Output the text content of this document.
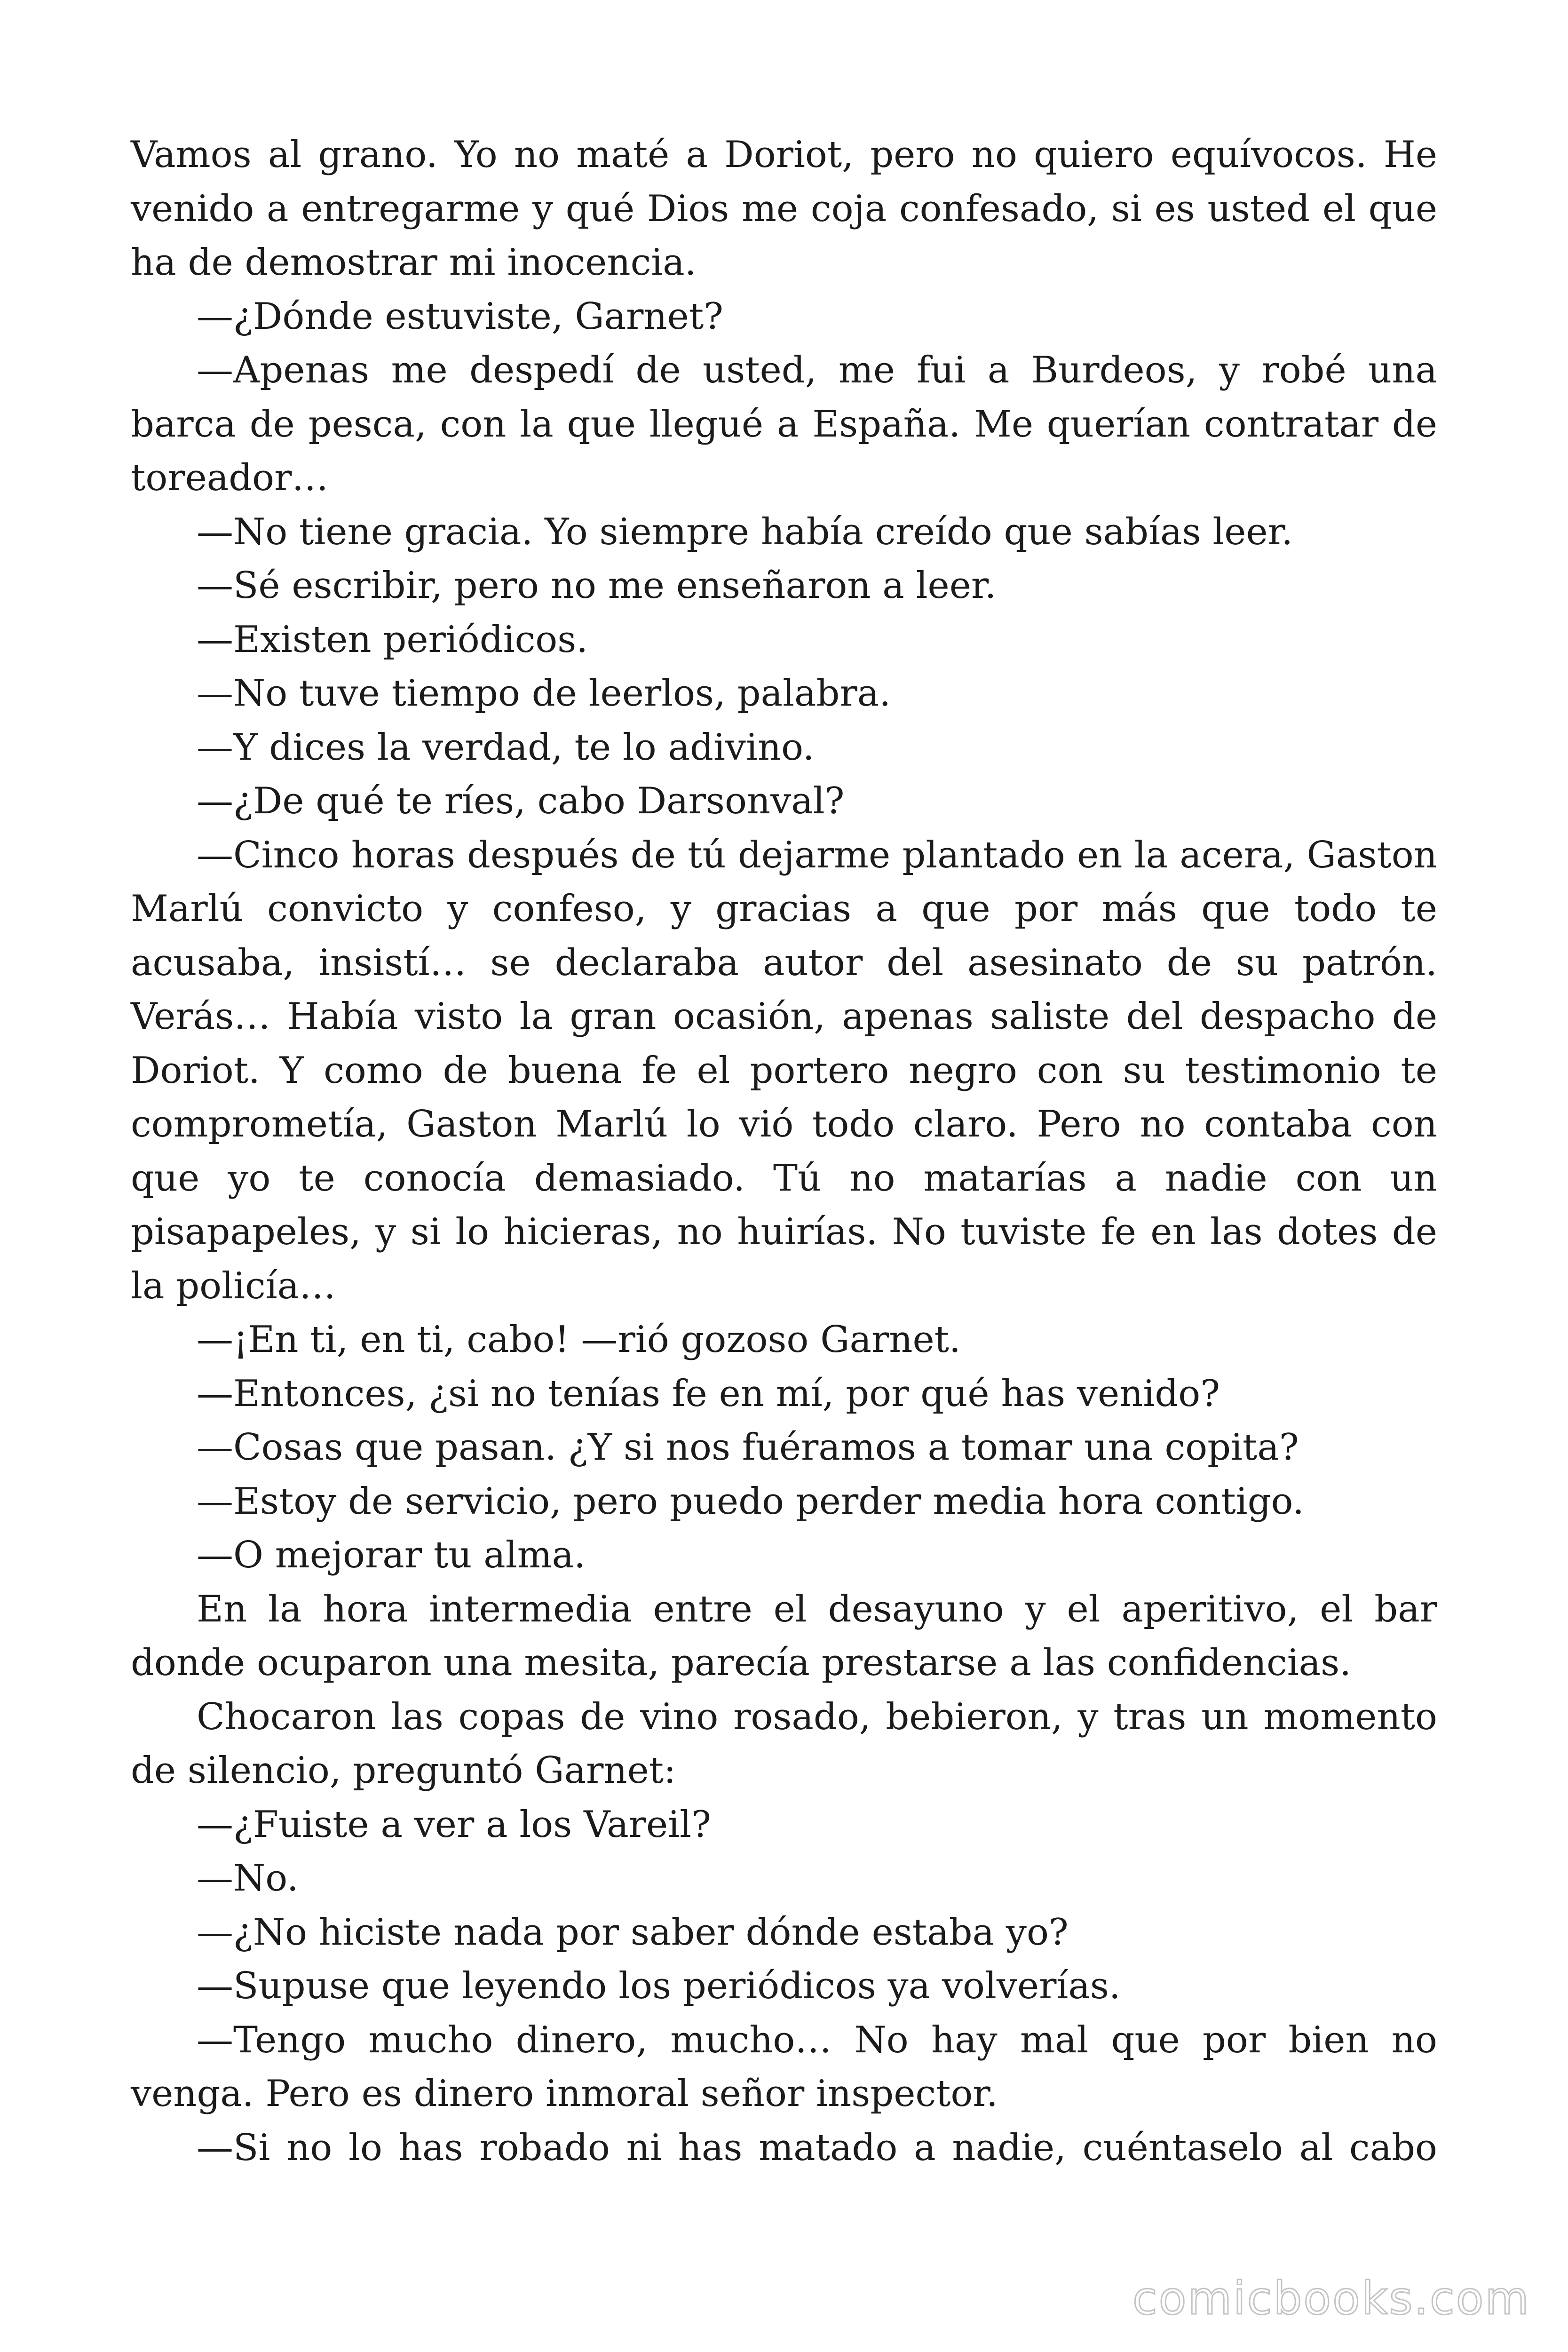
Vamos al grano. Yo no maté a Doriot, pero no quiero equívocos. He venido a entregarme y qué Dios me coja confesado, si es usted el que ha de demostrar mi inocencia.

—¿Dónde estuviste, Garnet?

—Apenas me despedí de usted, me fui a Burdeos, y robé una barca de pesca, con la que llegué a España. Me querían contratar de toreador…

—No tiene gracia. Yo siempre había creído que sabías leer.

—Sé escribir, pero no me enseñaron a leer.

—Existen periódicos.

—No tuve tiempo de leerlos, palabra.

—Y dices la verdad, te lo adivino.

—¿De qué te ríes, cabo Darsonval?

—Cinco horas después de tú dejarme plantado en la acera, Gaston Marlú convicto y confeso, y gracias a que por más que todo te acusaba, insistí… se declaraba autor del asesinato de su patrón. Verás… Había visto la gran ocasión, apenas saliste del despacho de Doriot. Y como de buena fe el portero negro con su testimonio te comprometía, Gaston Marlú lo vió todo claro. Pero no contaba con que yo te conocía demasiado. Tú no matarías a nadie con un pisapapeles, y si lo hicieras, no huirías. No tuviste fe en las dotes de la policía…

—¡En ti, en ti, cabo! —rió gozoso Garnet.

—Entonces, ¿si no tenías fe en mí, por qué has venido?

—Cosas que pasan. ¿Y si nos fuéramos a tomar una copita?

—Estoy de servicio, pero puedo perder media hora contigo.

—O mejorar tu alma.

En la hora intermedia entre el desayuno y el aperitivo, el bar donde ocuparon una mesita, parecía prestarse a las confidencias.

Chocaron las copas de vino rosado, bebieron, y tras un momento de silencio, preguntó Garnet:

—¿Fuiste a ver a los Vareil?

—No.

—¿No hiciste nada por saber dónde estaba yo?

—Supuse que leyendo los periódicos ya volverías.

—Tengo mucho dinero, mucho… No hay mal que por bien no venga. Pero es dinero inmoral señor inspector.

—Si no lo has robado ni has matado a nadie, cuéntaselo al cabo

comicbooks.com
